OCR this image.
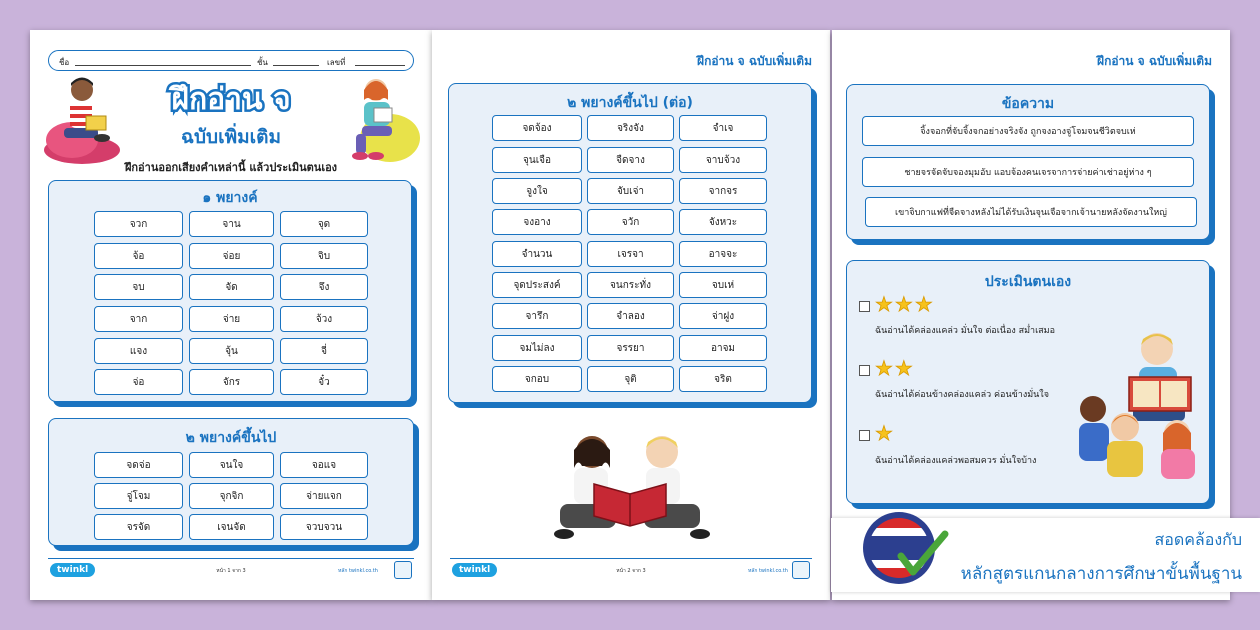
ชื่อ	ชั้น	เลขที่
ฝึกอ่าน จ
ฉบับเพิ่มเติม
ฝึกอ่านออกเสียงคำเหล่านี้ แล้วประเมินตนเอง
๑ พยางค์
จวก	จาน	จุด
จ้อ	จ่อย	จิบ
จบ	จัด	จึง
จาก	จ่าย	จ้วง
แจง	จุ้น	จี่
จ่อ	จักร	จั๋ว
๒ พยางค์ขึ้นไป
จดจ่อ	จนใจ	จอแจ
จู่โจม	จุกจิก	จ่ายแจก
จรจัด	เจนจัด	จวบจวน
twinkl	หน้า 1 จาก 3	หลัก twinkl.co.th
ฝึกอ่าน จ ฉบับเพิ่มเติม
๒ พยางค์ขึ้นไป (ต่อ)
จดจ้อง	จริงจัง	จำเจ
จุนเจือ	จืดจาง	จาบจ้วง
จูงใจ	จับเจ่า	จากจร
จงอาง	จวัก	จังหวะ
จำนวน	เจรจา	อาจจะ
จุดประสงค์	จนกระทั่ง	จบเห่
จารึก	จำลอง	จ่าฝูง
จมไม่ลง	จรรยา	อาจม
จกอบ	จุติ	จริต
twinkl	หน้า 2 จาก 3	หลัก twinkl.co.th
ฝึกอ่าน จ ฉบับเพิ่มเติม
ข้อความ
จิ้งจอกที่จับจิ้งจกอย่างจริงจัง ถูกจงอางจู่โจมจนชีวิตจบเห่
ชายจรจัดจับจองมุมอับ แอบจ้องคนเจรจาการจ่ายค่าเช่าอยู่ห่าง ๆ
เขาจิบกาแฟที่จืดจางหลังไม่ได้รับเงินจุนเจือจากเจ้านายหลังจัดงานใหญ่
ประเมินตนเอง
★★★
ฉันอ่านได้คล่องแคล่ว มั่นใจ ต่อเนื่อง สม่ำเสมอ
★★
ฉันอ่านได้ค่อนข้างคล่องแคล่ว ค่อนข้างมั่นใจ
★
ฉันอ่านได้คล่องแคล่วพอสมควร มั่นใจบ้าง
สอดคล้องกับ
หลักสูตรแกนกลางการศึกษาขั้นพื้นฐาน
